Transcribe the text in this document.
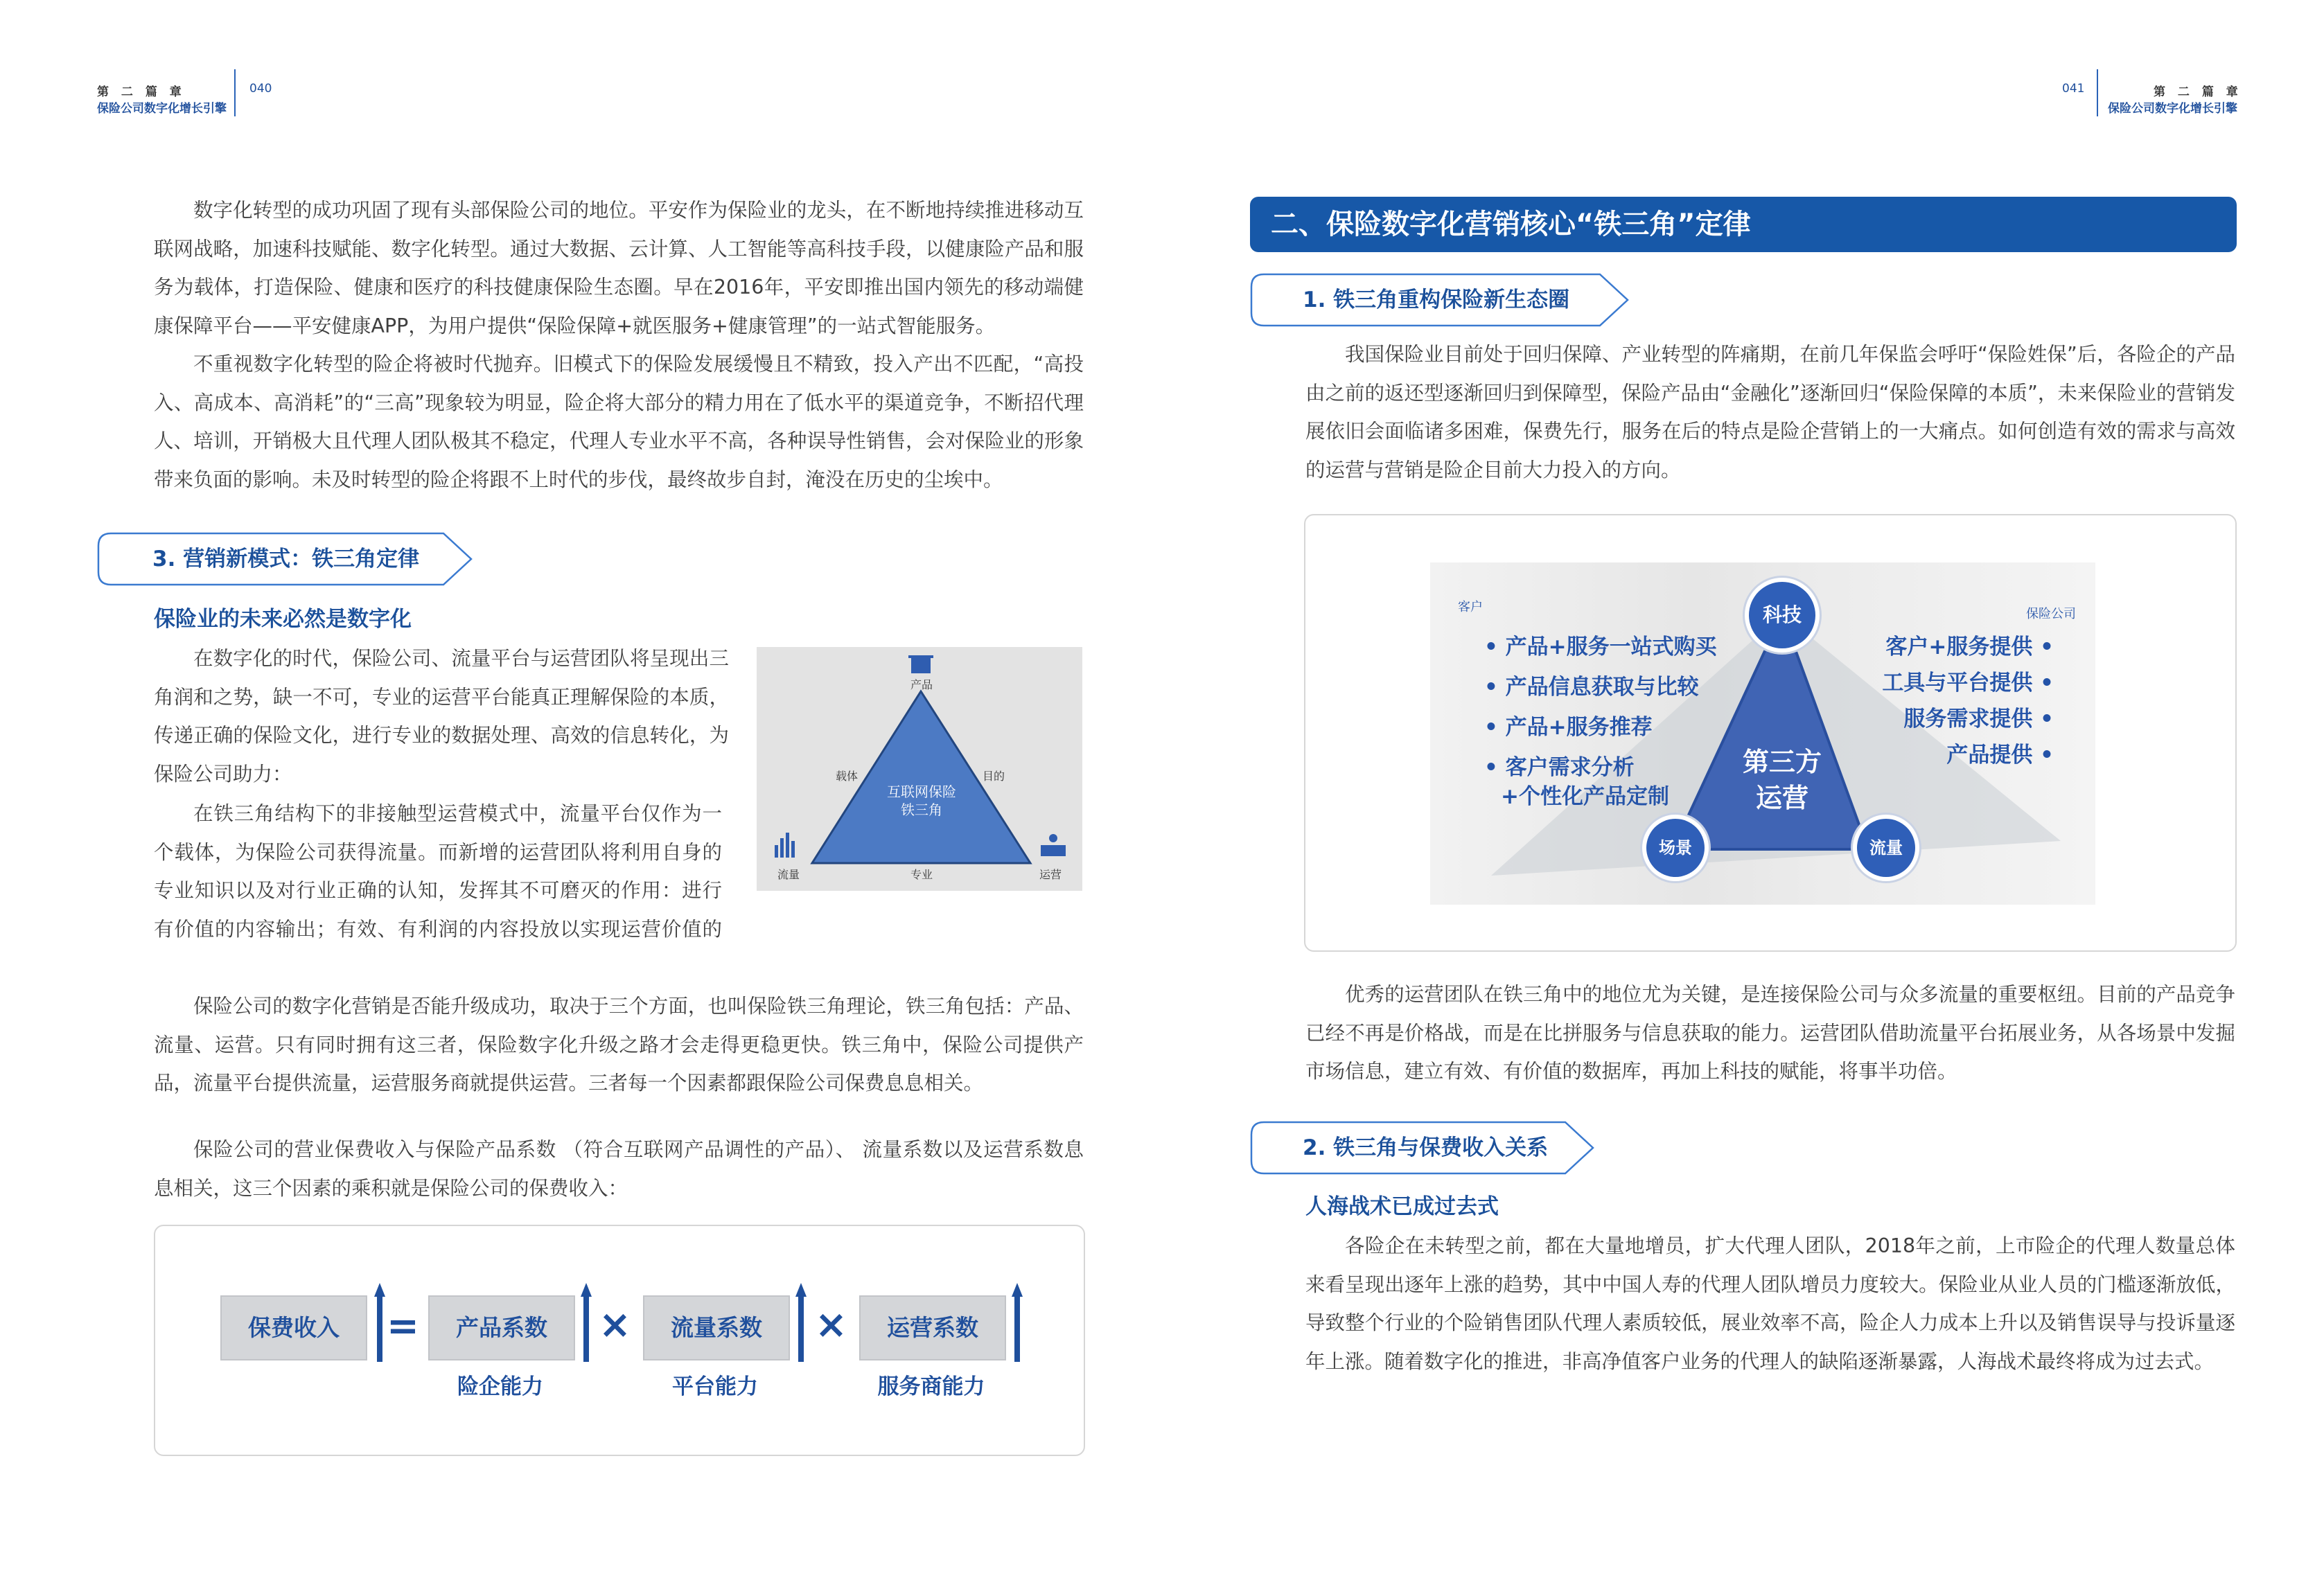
第 二 篇 章
保险公司数字化增长引擎
040

数字化转型的成功巩固了现有头部保险公司的地位。平安作为保险业的龙头，在不断地持续推进移动互联网战略，加速科技赋能、数字化转型。通过大数据、云计算、人工智能等高科技手段，以健康险产品和服务为载体，打造保险、健康和医疗的科技健康保险生态圈。早在2016年，平安即推出国内领先的移动端健康保障平台——平安健康APP，为用户提供“保险保障+就医服务+健康管理”的一站式智能服务。

不重视数字化转型的险企将被时代抛弃。旧模式下的保险发展缓慢且不精致，投入产出不匹配，“高投入、高成本、高消耗”的“三高”现象较为明显，险企将大部分的精力用在了低水平的渠道竞争，不断招代理人、培训，开销极大且代理人团队极其不稳定，代理人专业水平不高，各种误导性销售，会对保险业的形象带来负面的影响。未及时转型的险企将跟不上时代的步伐，最终故步自封，淹没在历史的尘埃中。

3. 营销新模式：铁三角定律
保险业的未来必然是数字化

在数字化的时代，保险公司、流量平台与运营团队将呈现出三角润和之势，缺一不可，专业的运营平台能真正理解保险的本质，传递正确的保险文化，进行专业的数据处理、高效的信息转化，为保险公司助力：

在铁三角结构下的非接触型运营模式中，流量平台仅作为一个载体，为保险公司获得流量。而新增的运营团队将利用自身的专业知识以及对行业正确的认知，发挥其不可磨灭的作用：进行有价值的内容输出；有效、有利润的内容投放以实现运营价值的

产品
互联网保险
铁三角
载体	目的
专业
流量	运营

保险公司的数字化营销是否能升级成功，取决于三个方面，也叫保险铁三角理论，铁三角包括：产品、流量、运营。只有同时拥有这三者，保险数字化升级之路才会走得更稳更快。铁三角中，保险公司提供产品，流量平台提供流量，运营服务商就提供运营。三者每一个因素都跟保险公司保费息息相关。

保险公司的营业保费收入与保险产品系数 （符合互联网产品调性的产品）、 流量系数以及运营系数息息相关，这三个因素的乘积就是保险公司的保费收入：

保费收入	=	产品系数
险企能力
×	流量系数
平台能力
×	运营系数
服务商能力
041	第 二 篇 章
保险公司数字化增长引擎
二、保险数字化营销核心“铁三角”定律
1. 铁三角重构保险新生态圈

我国保险业目前处于回归保障、产业转型的阵痛期，在前几年保监会呼吁“保险姓保”后，各险企的产品由之前的返还型逐渐回归到保障型，保险产品由“金融化”逐渐回归“保险保障的本质”，未来保险业的营销发展依旧会面临诸多困难，保费先行，服务在后的特点是险企营销上的一大痛点。如何创造有效的需求与高效的运营与营销是险企目前大力投入的方向。

科技
场景	流量
第三方
运营
客户	保险公司
• 产品+服务一站式购买
• 产品信息获取与比较
• 产品+服务推荐
• 客户需求分析
+个性化产品定制
客户+服务提供 •
工具与平台提供 •
服务需求提供 •
产品提供 •

优秀的运营团队在铁三角中的地位尤为关键，是连接保险公司与众多流量的重要枢纽。目前的产品竞争已经不再是价格战，而是在比拼服务与信息获取的能力。运营团队借助流量平台拓展业务，从各场景中发掘市场信息，建立有效、有价值的数据库，再加上科技的赋能，将事半功倍。

2. 铁三角与保费收入关系
人海战术已成过去式

各险企在未转型之前，都在大量地增员，扩大代理人团队，2018年之前，上市险企的代理人数量总体来看呈现出逐年上涨的趋势，其中中国人寿的代理人团队增员力度较大。保险业从业人员的门槛逐渐放低，导致整个行业的个险销售团队代理人素质较低，展业效率不高，险企人力成本上升以及销售误导与投诉量逐年上涨。随着数字化的推进，非高净值客户业务的代理人的缺陷逐渐暴露，人海战术最终将成为过去式。
